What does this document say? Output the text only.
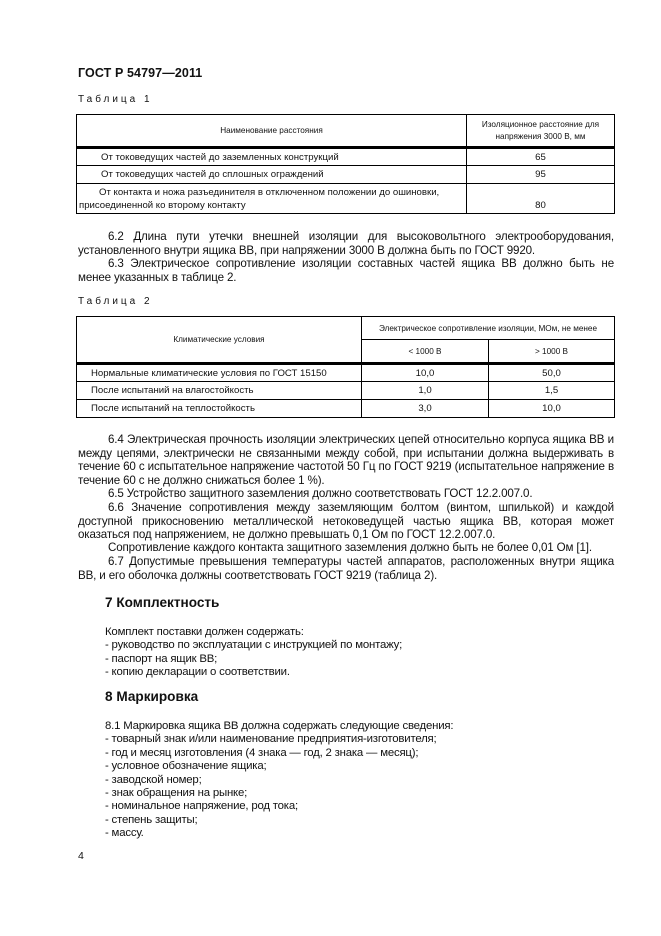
ГОСТ Р 54797—2011
Таблица 1
Наименование расстояния	Изоляционное расстояние для напряжения 3000 В, мм
От токоведущих частей до заземленных конструкций	65
От токоведущих частей до сплошных ограждений	95
От контакта и ножа разъединителя в отключенном положении до ошиновки, присоединенной ко второму контакту	80
6.2 Длина пути утечки внешней изоляции для высоковольтного электрооборудования, установленного внутри ящика ВВ, при напряжении 3000 В должна быть по ГОСТ 9920.
6.3 Электрическое сопротивление изоляции составных частей ящика ВВ должно быть не менее указанных в таблице 2.
Таблица 2
Климатические условия	Электрическое сопротивление изоляции, МОм, не менее	
	< 1000 В	> 1000 В
Нормальные климатические условия по ГОСТ 15150	10,0	50,0
После испытаний на влагостойкость	1,0	1,5
После испытаний на теплостойкость	3,0	10,0
6.4 Электрическая прочность изоляции электрических цепей относительно корпуса ящика ВВ и между цепями, электрически не связанными между собой, при испытании должна выдерживать в течение 60 с испытательное напряжение частотой 50 Гц по ГОСТ 9219 (испытательное напряжение в течение 60 с не должно снижаться более 1 %).
6.5 Устройство защитного заземления должно соответствовать ГОСТ 12.2.007.0.
6.6 Значение сопротивления между заземляющим болтом (винтом, шпилькой) и каждой доступной прикосновению металлической нетоковедущей частью ящика ВВ, которая может оказаться под напряжением, не должно превышать 0,1 Ом по ГОСТ 12.2.007.0.
Сопротивление каждого контакта защитного заземления должно быть не более 0,01 Ом [1].
6.7 Допустимые превышения температуры частей аппаратов, расположенных внутри ящика ВВ, и его оболочка должны соответствовать ГОСТ 9219 (таблица 2).
7 Комплектность
Комплект поставки должен содержать:
- руководство по эксплуатации с инструкцией по монтажу;
- паспорт на ящик ВВ;
- копию декларации о соответствии.
8 Маркировка
8.1 Маркировка ящика ВВ должна содержать следующие сведения:
- товарный знак и/или наименование предприятия-изготовителя;
- год и месяц изготовления (4 знака — год, 2 знака — месяц);
- условное обозначение ящика;
- заводской номер;
- знак обращения на рынке;
- номинальное напряжение, род тока;
- степень защиты;
- массу.
4
